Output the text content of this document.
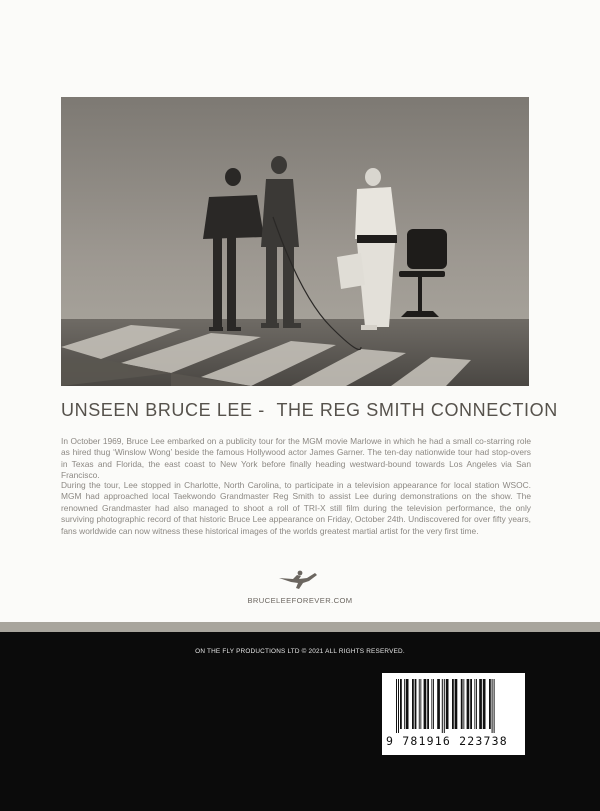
UNSEEN BRUCE LEE - THE REG SMITH CONNECTION

In October 1969, Bruce Lee embarked on a publicity tour for the MGM movie Marlowe in which he had a small co-starring role as hired thug ‘Winslow Wong’ beside the famous Hollywood actor James Garner. The ten-day nationwide tour had stop-overs in Texas and Florida, the east coast to New York before finally heading westward-bound towards Los Angeles via San Francisco.

During the tour, Lee stopped in Charlotte, North Carolina, to participate in a television appearance for local station WSOC. MGM had approached local Taekwondo Grandmaster Reg Smith to assist Lee during demonstrations on the show. The renowned Grandmaster had also managed to shoot a roll of TRI-X still film during the television performance, the only surviving photographic record of that historic Bruce Lee appearance on Friday, October 24th. Undiscovered for over fifty years, fans worldwide can now witness these historical images of the worlds greatest martial artist for the very first time.

BRUCELEEFOREVER.COM
ON THE FLY PRODUCTIONS LTD © 2021 ALL RIGHTS RESERVED.
9 781916 223738
